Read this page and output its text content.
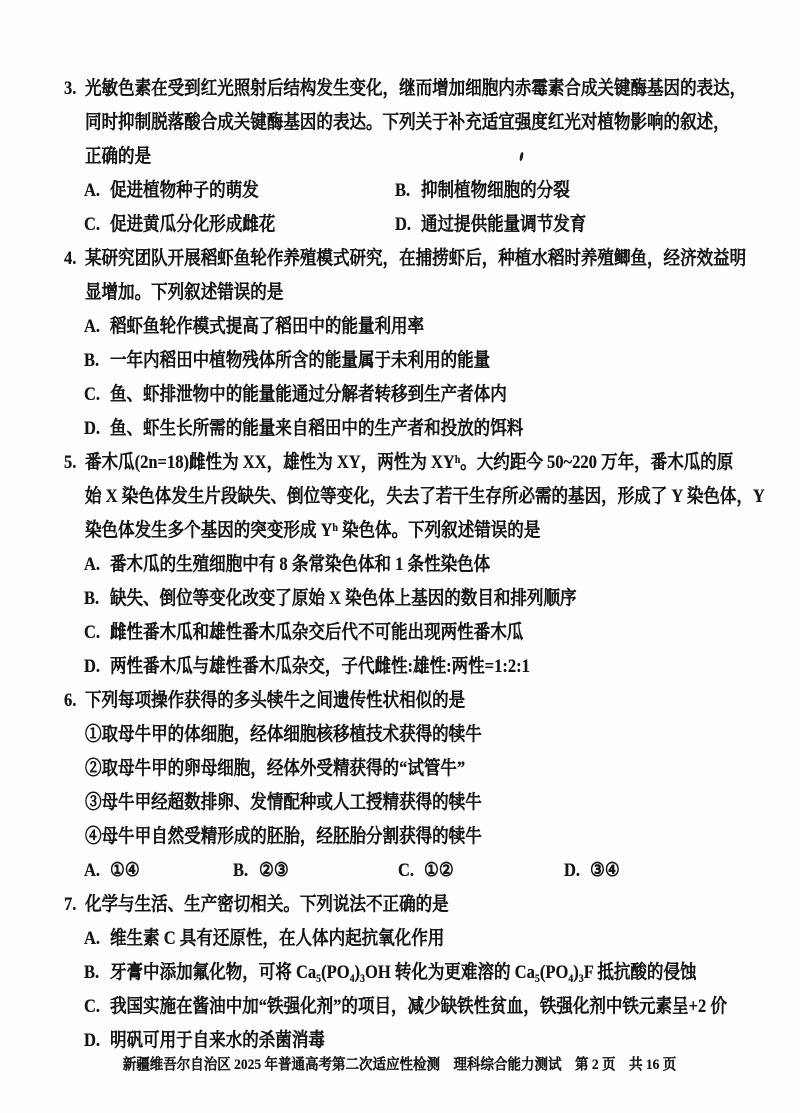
3. 光敏色素在受到红光照射后结构发生变化，继而增加细胞内赤霉素合成关键酶基因的表达，
同时抑制脱落酸合成关键酶基因的表达。下列关于补充适宜强度红光对植物影响的叙述，
正确的是
A. 促进植物种子的萌发	B. 抑制植物细胞的分裂
C. 促进黄瓜分化形成雌花	D. 通过提供能量调节发育
4. 某研究团队开展稻虾鱼轮作养殖模式研究，在捕捞虾后，种植水稻时养殖鲫鱼，经济效益明
显增加。下列叙述错误的是
A. 稻虾鱼轮作模式提高了稻田中的能量利用率
B. 一年内稻田中植物残体所含的能量属于未利用的能量
C. 鱼、虾排泄物中的能量能通过分解者转移到生产者体内
D. 鱼、虾生长所需的能量来自稻田中的生产者和投放的饵料
5. 番木瓜(2n=18)雌性为 XX，雄性为 XY，两性为 XYʰ。大约距今 50~220 万年，番木瓜的原
始 X 染色体发生片段缺失、倒位等变化，失去了若干生存所必需的基因，形成了 Y 染色体，Y
染色体发生多个基因的突变形成 Yʰ 染色体。下列叙述错误的是
A. 番木瓜的生殖细胞中有 8 条常染色体和 1 条性染色体
B. 缺失、倒位等变化改变了原始 X 染色体上基因的数目和排列顺序
C. 雌性番木瓜和雄性番木瓜杂交后代不可能出现两性番木瓜
D. 两性番木瓜与雄性番木瓜杂交，子代雌性:雄性:两性=1:2:1
6. 下列每项操作获得的多头犊牛之间遗传性状相似的是
①取母牛甲的体细胞，经体细胞核移植技术获得的犊牛
②取母牛甲的卵母细胞，经体外受精获得的“试管牛”
③母牛甲经超数排卵、发情配种或人工授精获得的犊牛
④母牛甲自然受精形成的胚胎，经胚胎分割获得的犊牛
A. ①④	B. ②③	C. ①②	D. ③④
7. 化学与生活、生产密切相关。下列说法不正确的是
A. 维生素 C 具有还原性，在人体内起抗氧化作用
B. 牙膏中添加氟化物，可将 Ca₅(PO₄)₃OH 转化为更难溶的 Ca₅(PO₄)₃F 抵抗酸的侵蚀
C. 我国实施在酱油中加“铁强化剂”的项目，减少缺铁性贫血，铁强化剂中铁元素呈+2 价
D. 明矾可用于自来水的杀菌消毒
新疆维吾尔自治区 2025 年普通高考第二次适应性检测　理科综合能力测试　第 2 页　共 16 页
